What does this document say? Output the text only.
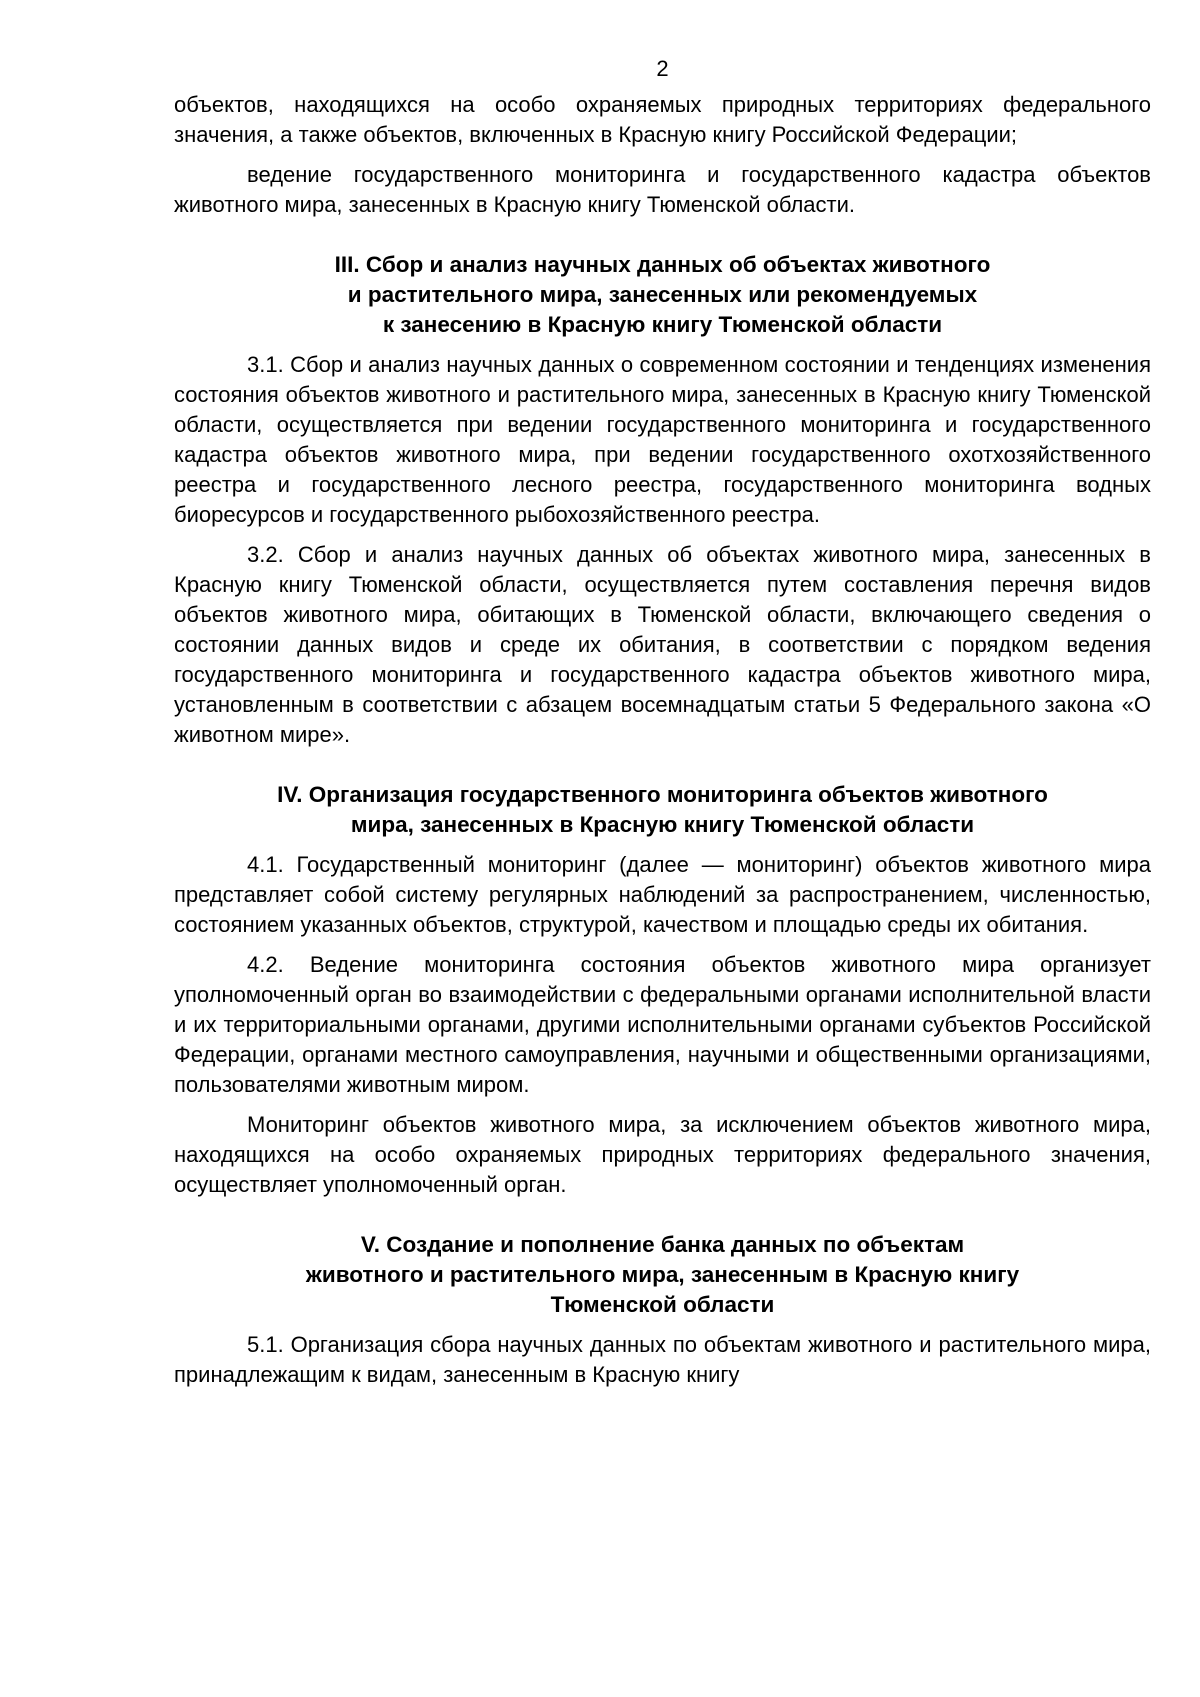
2

объектов, находящихся на особо охраняемых природных территориях федерального значения, а также объектов, включенных в Красную книгу Российской Федерации;

ведение государственного мониторинга и государственного кадастра объектов животного мира, занесенных в Красную книгу Тюменской области.

III. Сбор и анализ научных данных об объектах животного
и растительного мира, занесенных или рекомендуемых
к занесению в Красную книгу Тюменской области

3.1. Сбор и анализ научных данных о современном состоянии и тенденциях изменения состояния объектов животного и растительного мира, занесенных в Красную книгу Тюменской области, осуществляется при ведении государственного мониторинга и государственного кадастра объектов животного мира, при ведении государственного охотхозяйственного реестра и государственного лесного реестра, государственного мониторинга водных биоресурсов и государственного рыбохозяйственного реестра.

3.2. Сбор и анализ научных данных об объектах животного мира, занесенных в Красную книгу Тюменской области, осуществляется путем составления перечня видов объектов животного мира, обитающих в Тюменской области, включающего сведения о состоянии данных видов и среде их обитания, в соответствии с порядком ведения государственного мониторинга и государственного кадастра объектов животного мира, установленным в соответствии с абзацем восемнадцатым статьи 5 Федерального закона «О животном мире».

IV. Организация государственного мониторинга объектов животного
мира, занесенных в Красную книгу Тюменской области

4.1. Государственный мониторинг (далее — мониторинг) объектов животного мира представляет собой систему регулярных наблюдений за распространением, численностью, состоянием указанных объектов, структурой, качеством и площадью среды их обитания.

4.2. Ведение мониторинга состояния объектов животного мира организует уполномоченный орган во взаимодействии с федеральными органами исполнительной власти и их территориальными органами, другими исполнительными органами субъектов Российской Федерации, органами местного самоуправления, научными и общественными организациями, пользователями животным миром.

Мониторинг объектов животного мира, за исключением объектов животного мира, находящихся на особо охраняемых природных территориях федерального значения, осуществляет уполномоченный орган.

V. Создание и пополнение банка данных по объектам
животного и растительного мира, занесенным в Красную книгу
Тюменской области

5.1. Организация сбора научных данных по объектам животного и растительного мира, принадлежащим к видам, занесенным в Красную книгу
